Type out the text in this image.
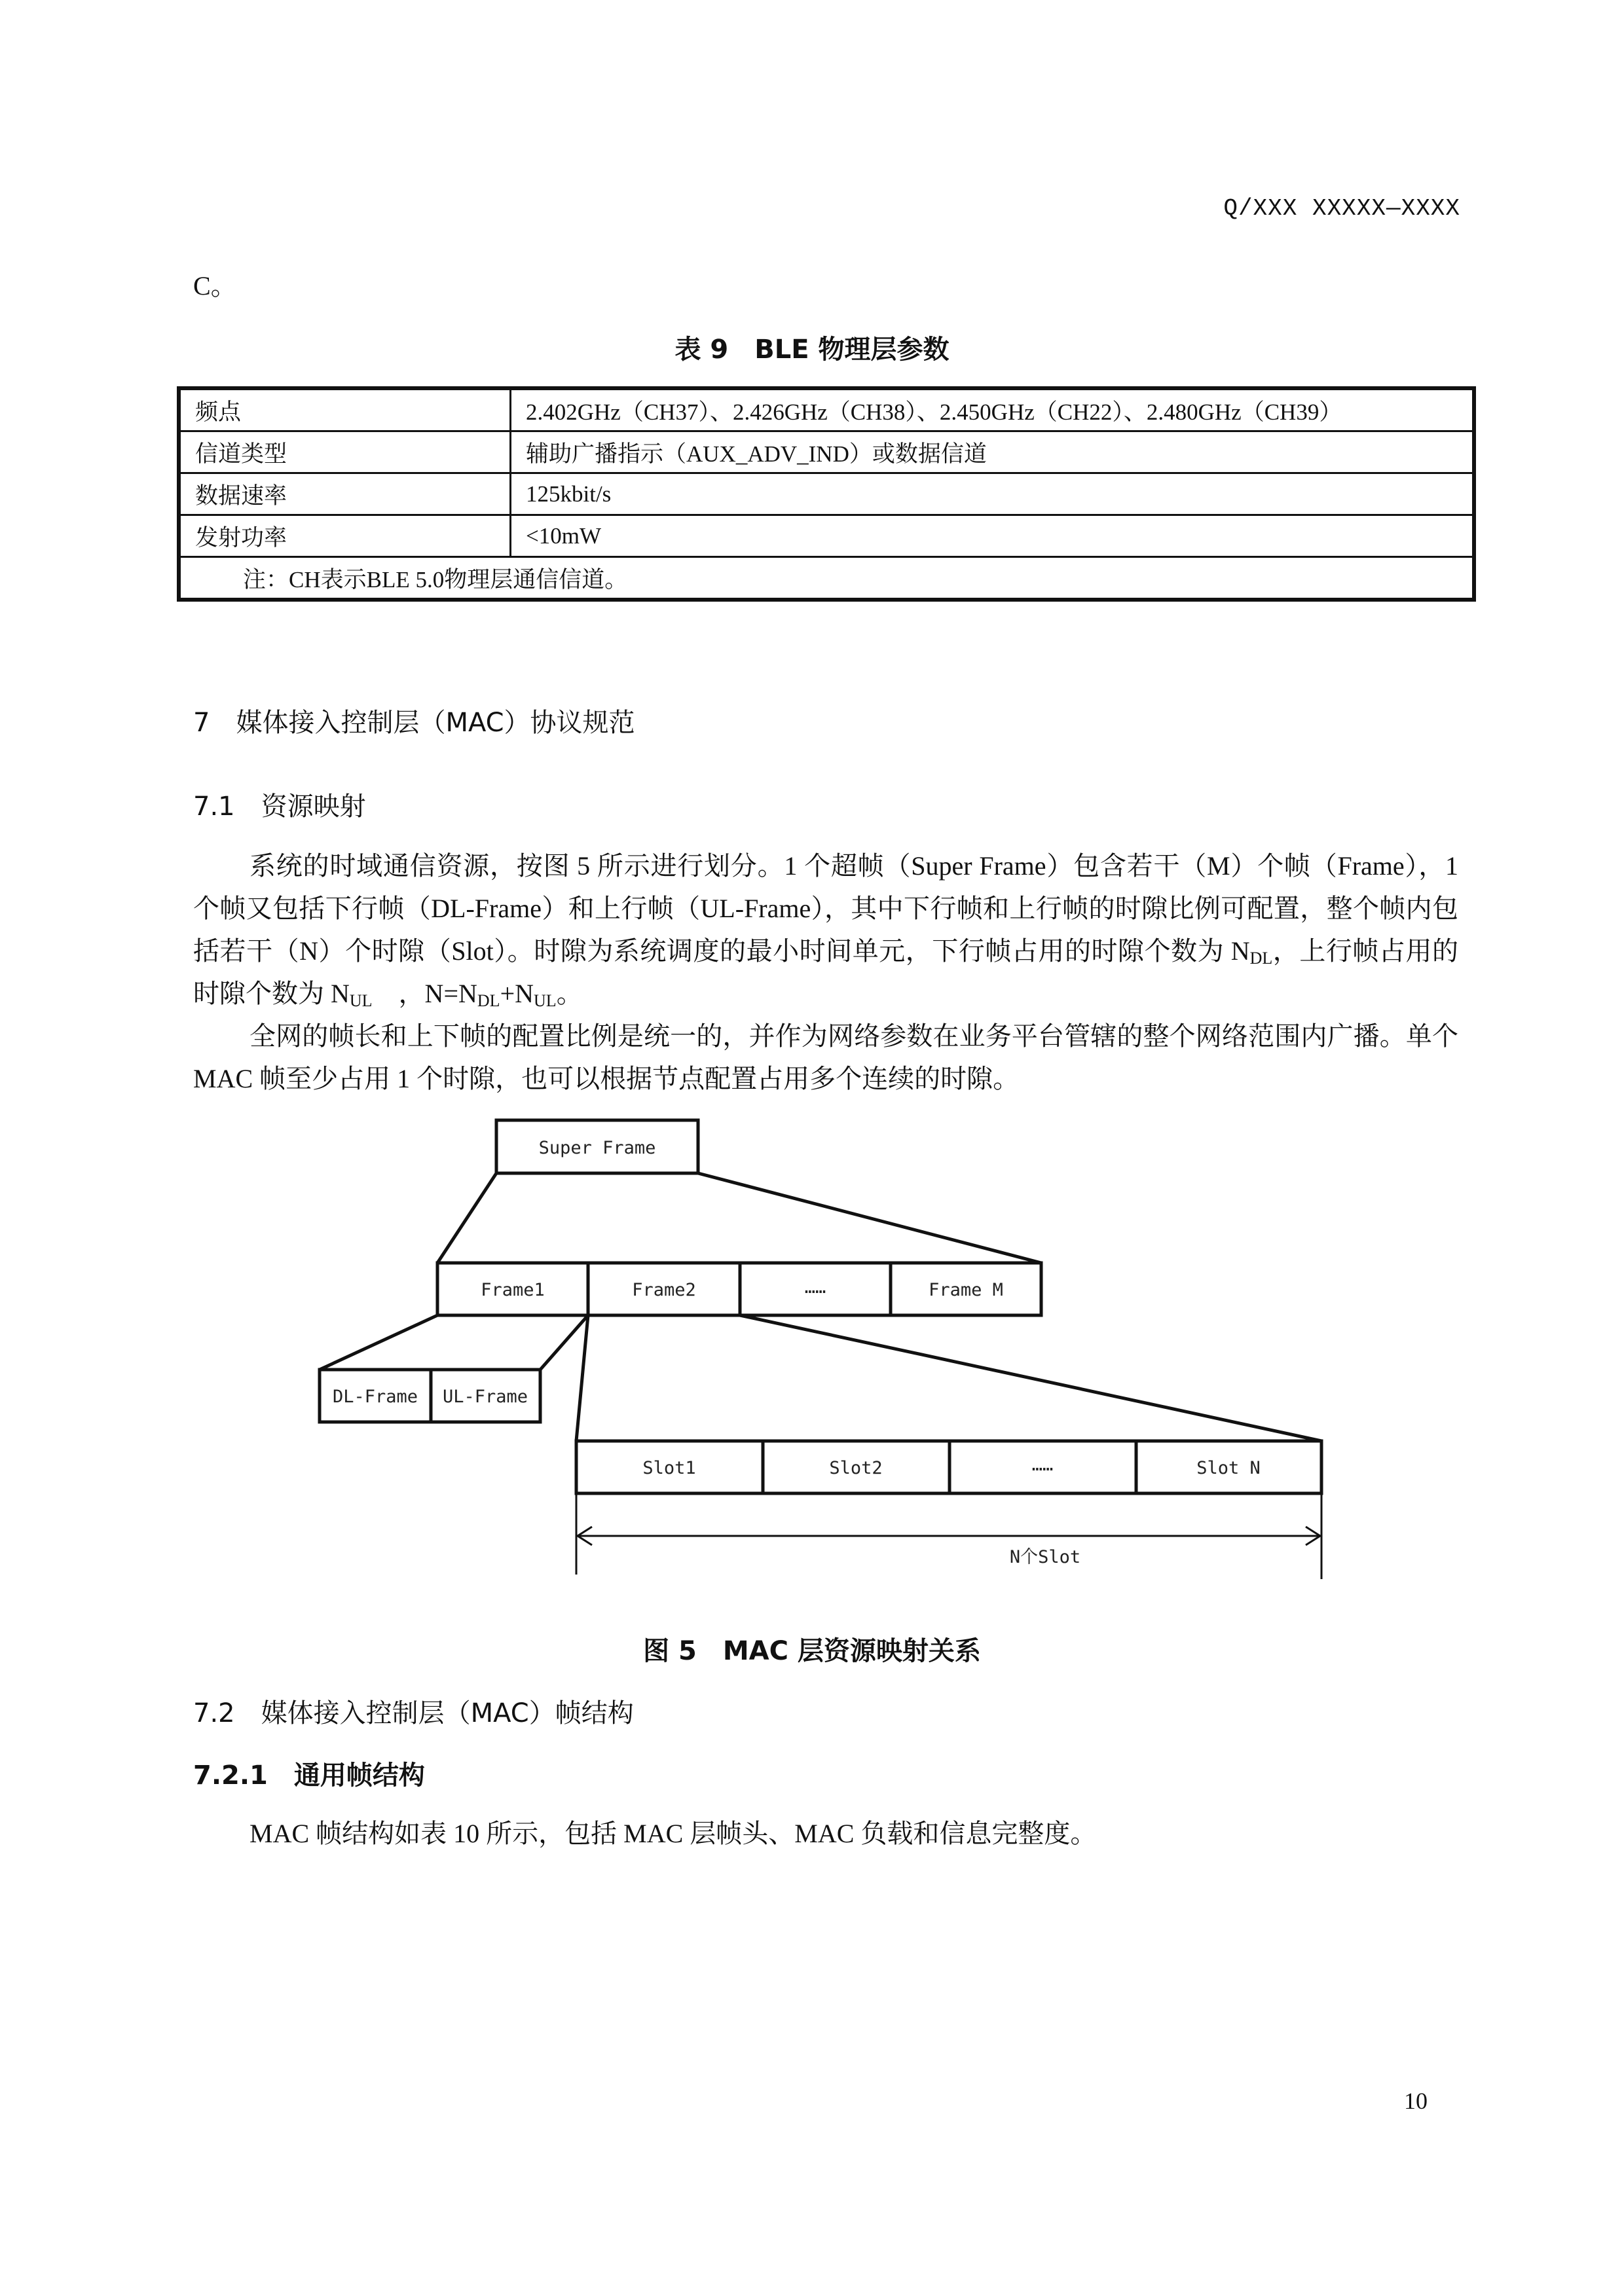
Q/XXX XXXXX—XXXX
C。
表 9　BLE 物理层参数
频点	2.402GHz（CH37）、2.426GHz（CH38）、2.450GHz（CH22）、2.480GHz（CH39）
信道类型	辅助广播指示（AUX_ADV_IND）或数据信道
数据速率	125kbit/s
发射功率	<10mW
注：CH表示BLE 5.0物理层通信信道。	
7　媒体接入控制层（MAC）协议规范
7.1　资源映射

系统的时域通信资源，按图 5 所示进行划分。1 个超帧（Super Frame）包含若干（M）个帧（Frame），1 个帧又包括下行帧（DL-Frame）和上行帧（UL-Frame），其中下行帧和上行帧的时隙比例可配置，整个帧内包括若干（N）个时隙（Slot）。时隙为系统调度的最小时间单元，下行帧占用的时隙个数为 $N_{DL}$，上行帧占用的时隙个数为 $N_{UL}$　，$N=N_{DL}+N_{UL}$。

全网的帧长和上下帧的配置比例是统一的，并作为网络参数在业务平台管辖的整个网络范围内广播。单个 MAC 帧至少占用 1 个时隙，也可以根据节点配置占用多个连续的时隙。

Super Frame
Frame1	Frame2	……	Frame M
DL-Frame UL-Frame
Slot1	Slot2	……	Slot N
N个Slot
图 5　MAC 层资源映射关系
7.2　媒体接入控制层（MAC）帧结构
7.2.1　通用帧结构

MAC 帧结构如表 10 所示，包括 MAC 层帧头、MAC 负载和信息完整度。

10
